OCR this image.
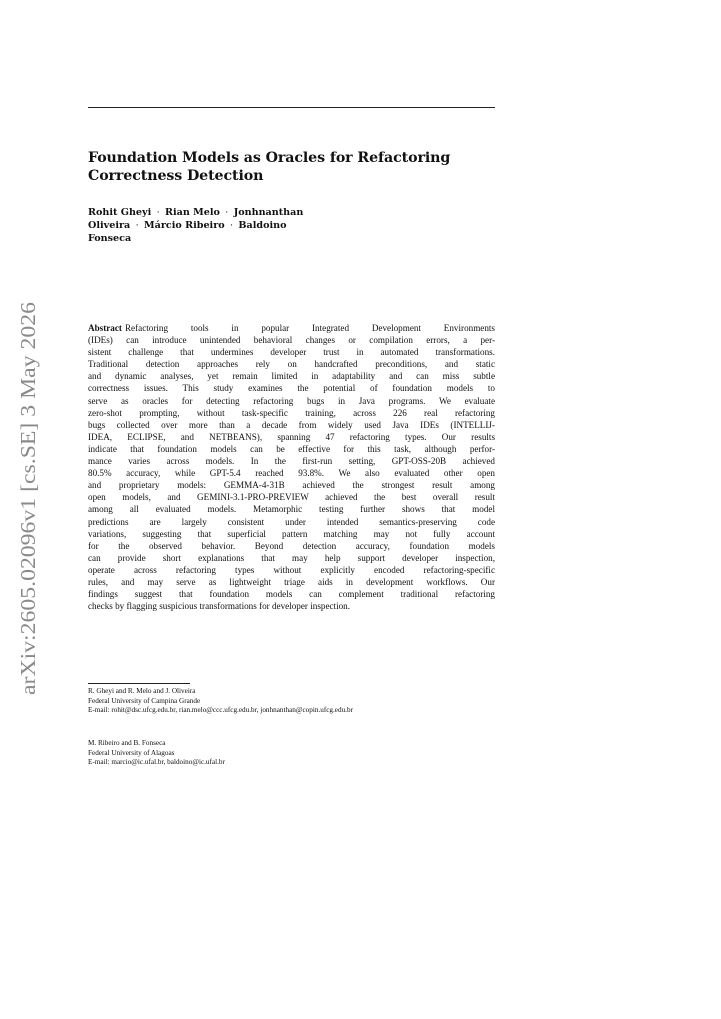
Foundation Models as Oracles for Refactoring
Correctness Detection
Rohit Gheyi · Rian Melo · Jonhnanthan
Oliveira · Márcio Ribeiro · Baldoino
Fonseca
arXiv:2605.02096v1 [cs.SE] 3 May 2026
Abstract Refactoring tools in popular Integrated Development Environments
(IDEs) can introduce unintended behavioral changes or compilation errors, a per-
sistent challenge that undermines developer trust in automated transformations.
Traditional detection approaches rely on handcrafted preconditions, and static
and dynamic analyses, yet remain limited in adaptability and can miss subtle
correctness issues. This study examines the potential of foundation models to
serve as oracles for detecting refactoring bugs in Java programs. We evaluate
zero-shot prompting, without task-specific training, across 226 real refactoring
bugs collected over more than a decade from widely used Java IDEs (INTELLIJ-
IDEA, ECLIPSE, and NETBEANS), spanning 47 refactoring types. Our results
indicate that foundation models can be effective for this task, although perfor-
mance varies across models. In the first-run setting, GPT-OSS-20B achieved
80.5% accuracy, while GPT-5.4 reached 93.8%. We also evaluated other open
and proprietary models: GEMMA-4-31B achieved the strongest result among
open models, and GEMINI-3.1-PRO-PREVIEW achieved the best overall result
among all evaluated models. Metamorphic testing further shows that model
predictions are largely consistent under intended semantics-preserving code
variations, suggesting that superficial pattern matching may not fully account
for the observed behavior. Beyond detection accuracy, foundation models
can provide short explanations that may help support developer inspection,
operate across refactoring types without explicitly encoded refactoring-specific
rules, and may serve as lightweight triage aids in development workflows. Our
findings suggest that foundation models can complement traditional refactoring
checks by flagging suspicious transformations for developer inspection.
R. Gheyi and R. Melo and J. Oliveira
Federal University of Campina Grande
E-mail: rohit@dsc.ufcg.edu.br, rian.melo@ccc.ufcg.edu.br, jonhnanthan@copin.ufcg.edu.br
M. Ribeiro and B. Fonseca
Federal University of Alagoas
E-mail: marcio@ic.ufal.br, baldoino@ic.ufal.br
